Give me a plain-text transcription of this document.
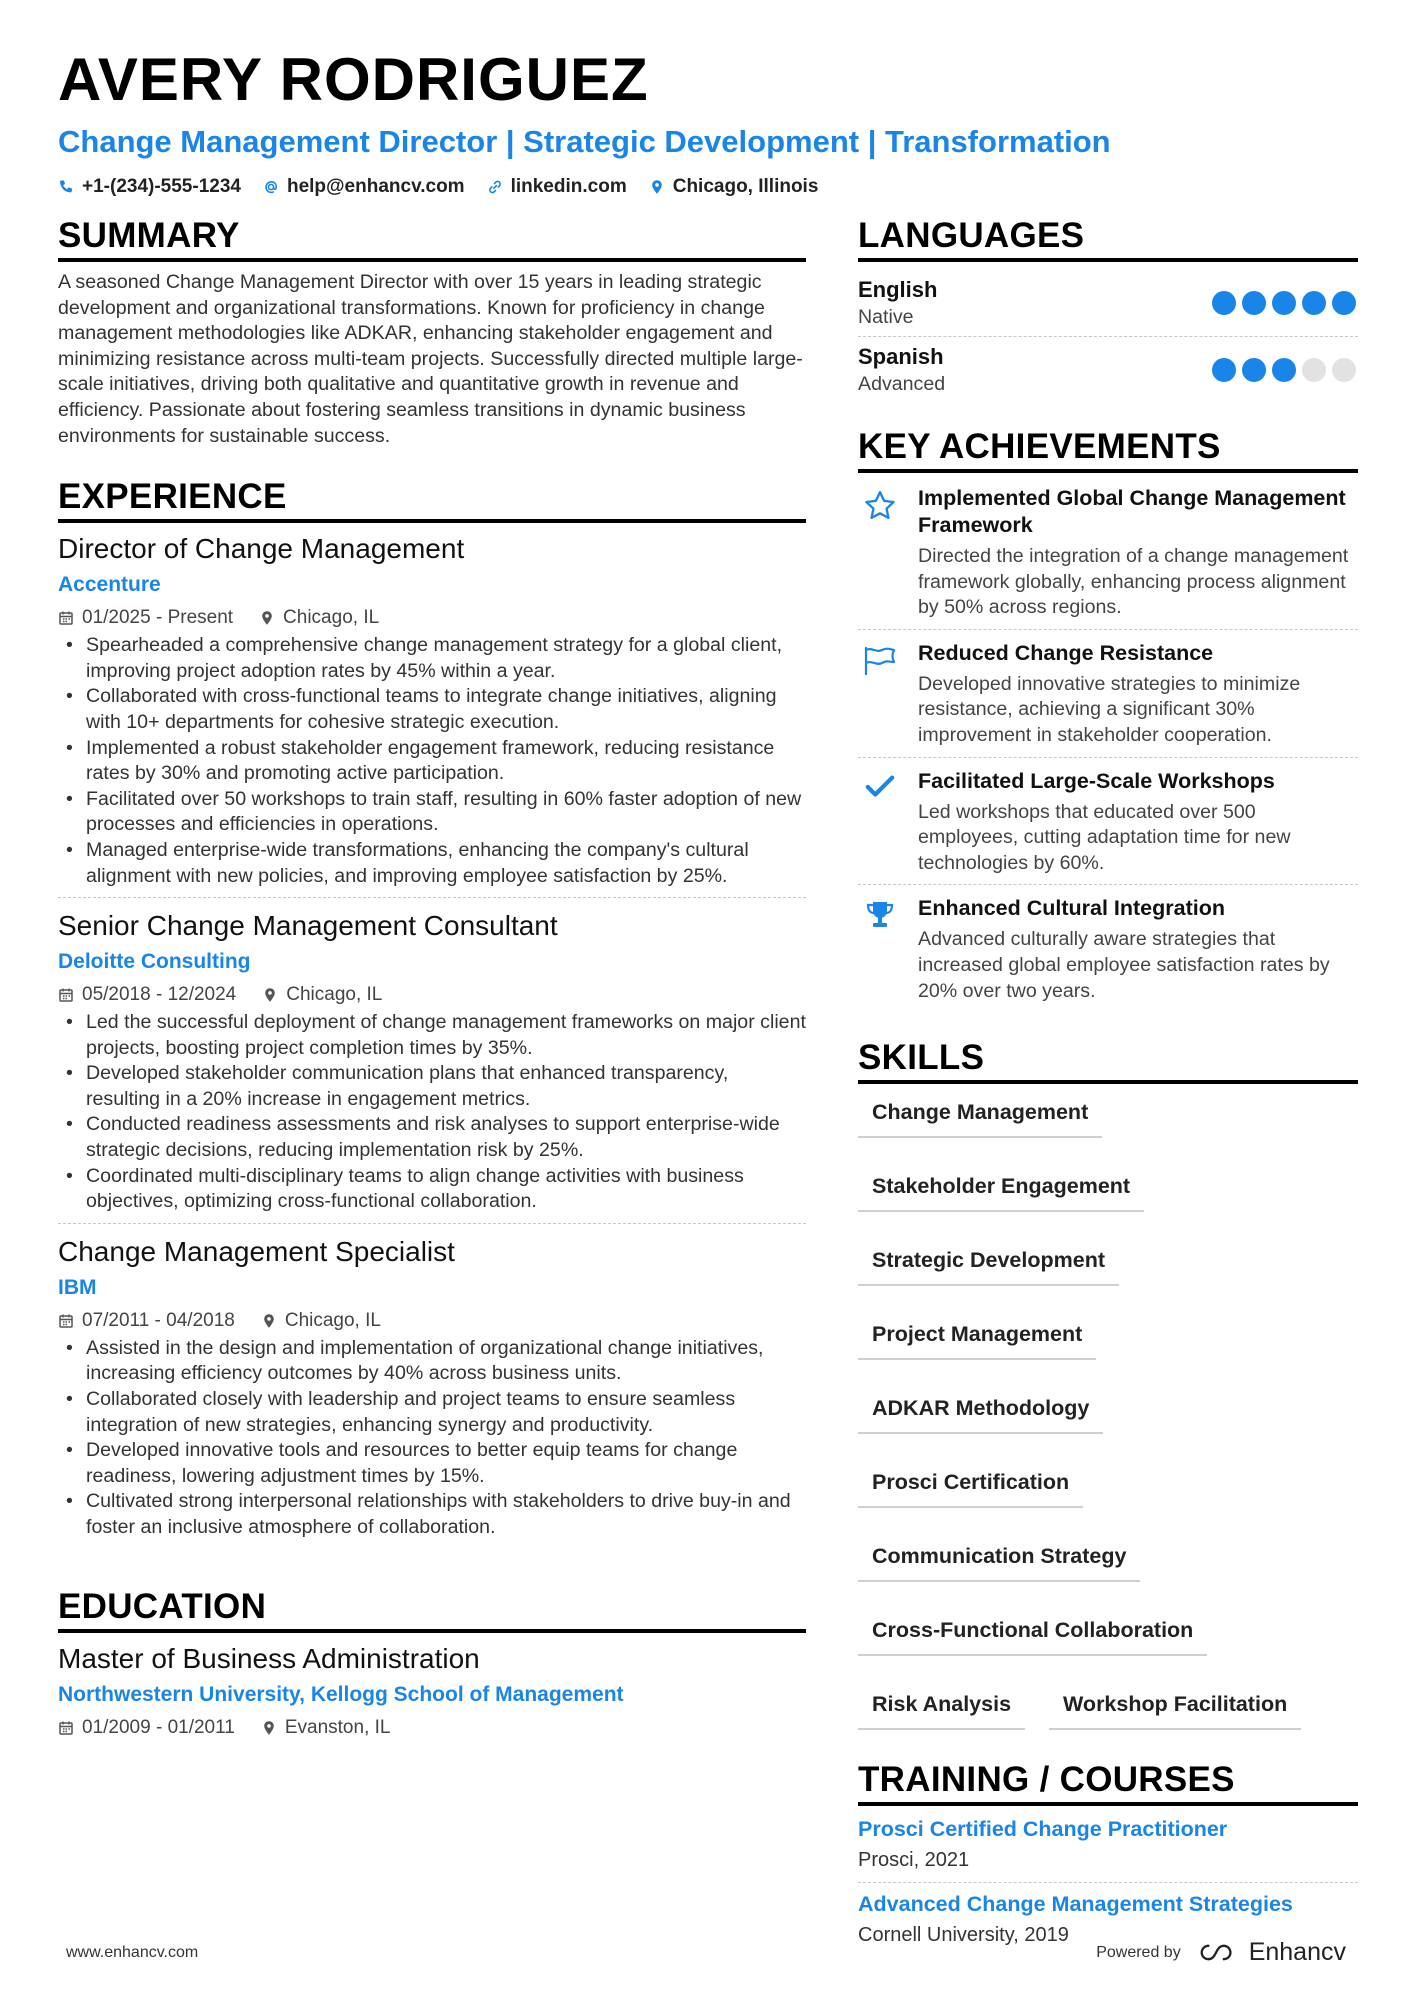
AVERY RODRIGUEZ
Change Management Director | Strategic Development | Transformation
+1-(234)-555-1234 help@enhancv.com linkedin.com Chicago, Illinois
SUMMARY

A seasoned Change Management Director with over 15 years in leading strategic development and organizational transformations. Known for proficiency in change management methodologies like ADKAR, enhancing stakeholder engagement and minimizing resistance across multi-team projects. Successfully directed multiple large-scale initiatives, driving both qualitative and quantitative growth in revenue and efficiency. Passionate about fostering seamless transitions in dynamic business environments for sustainable success.

EXPERIENCE
Director of Change Management
Accenture
01/2025 - Present	Chicago, IL
• Spearheaded a comprehensive change management strategy for a global client, improving project adoption rates by 45% within a year.
• Collaborated with cross-functional teams to integrate change initiatives, aligning with 10+ departments for cohesive strategic execution.
• Implemented a robust stakeholder engagement framework, reducing resistance rates by 30% and promoting active participation.
• Facilitated over 50 workshops to train staff, resulting in 60% faster adoption of new processes and efficiencies in operations.
• Managed enterprise-wide transformations, enhancing the company's cultural alignment with new policies, and improving employee satisfaction by 25%.
Senior Change Management Consultant
Deloitte Consulting
05/2018 - 12/2024	Chicago, IL
• Led the successful deployment of change management frameworks on major client projects, boosting project completion times by 35%.
• Developed stakeholder communication plans that enhanced transparency, resulting in a 20% increase in engagement metrics.
• Conducted readiness assessments and risk analyses to support enterprise-wide strategic decisions, reducing implementation risk by 25%.
• Coordinated multi-disciplinary teams to align change activities with business objectives, optimizing cross-functional collaboration.
Change Management Specialist
IBM
07/2011 - 04/2018	Chicago, IL
• Assisted in the design and implementation of organizational change initiatives, increasing efficiency outcomes by 40% across business units.
• Collaborated closely with leadership and project teams to ensure seamless integration of new strategies, enhancing synergy and productivity.
• Developed innovative tools and resources to better equip teams for change readiness, lowering adjustment times by 15%.
• Cultivated strong interpersonal relationships with stakeholders to drive buy-in and foster an inclusive atmosphere of collaboration.
EDUCATION
Master of Business Administration
Northwestern University, Kellogg School of Management
01/2009 - 01/2011	Evanston, IL
LANGUAGES
English
Native
Spanish
Advanced
KEY ACHIEVEMENTS
Implemented Global Change Management Framework
Directed the integration of a change management framework globally, enhancing process alignment by 50% across regions.
Reduced Change Resistance
Developed innovative strategies to minimize resistance, achieving a significant 30% improvement in stakeholder cooperation.
Facilitated Large-Scale Workshops
Led workshops that educated over 500 employees, cutting adaptation time for new technologies by 60%.
Enhanced Cultural Integration
Advanced culturally aware strategies that increased global employee satisfaction rates by 20% over two years.
SKILLS
Change Management
Stakeholder Engagement
Strategic Development
Project Management
ADKAR Methodology
Prosci Certification
Communication Strategy
Cross-Functional Collaboration
Risk Analysis	Workshop Facilitation
TRAINING / COURSES
Prosci Certified Change Practitioner
Prosci, 2021
Advanced Change Management Strategies
Cornell University, 2019
www.enhancv.com	Powered by	Enhancv
